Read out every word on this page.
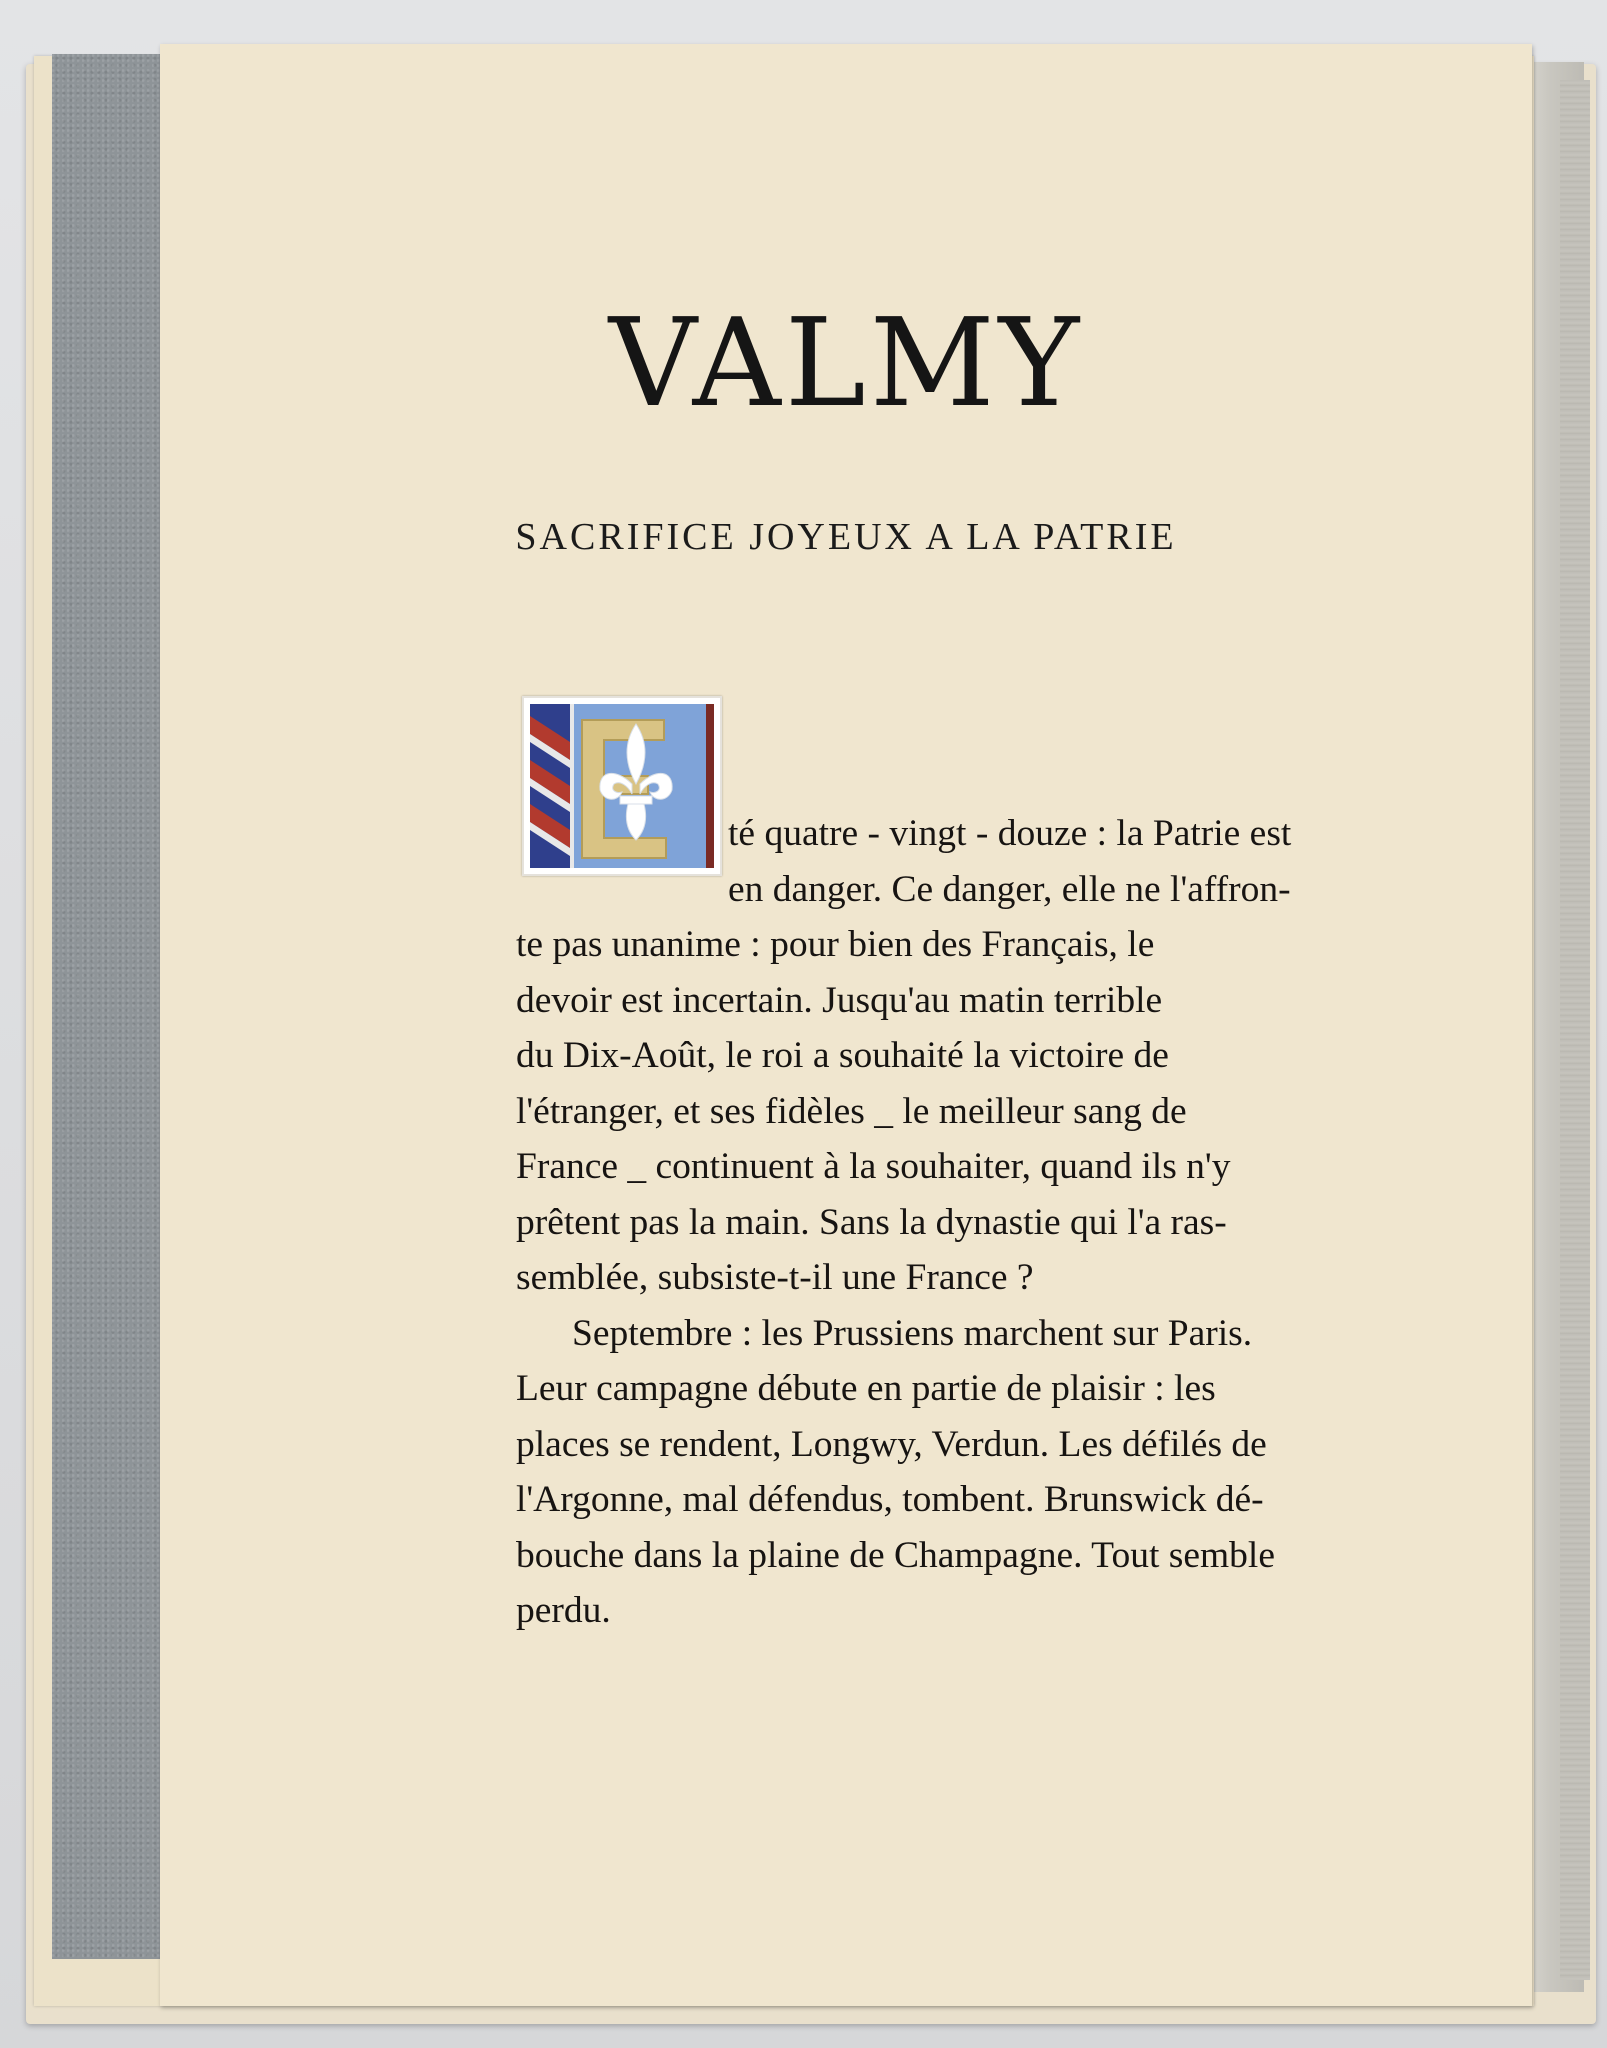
VALMY
SACRIFICE JOYEUX A LA PATRIE
té quatre - vingt - douze : la Patrie est
en danger. Ce danger, elle ne l'affron-
te pas unanime : pour bien des Français, le
devoir est incertain. Jusqu'au matin terrible
du Dix-Août, le roi a souhaité la victoire de
l'étranger, et ses fidèles _ le meilleur sang de
France _ continuent à la souhaiter, quand ils n'y
prêtent pas la main. Sans la dynastie qui l'a ras-
semblée, subsiste-t-il une France ?
Septembre : les Prussiens marchent sur Paris.
Leur campagne débute en partie de plaisir : les
places se rendent, Longwy, Verdun. Les défilés de
l'Argonne, mal défendus, tombent. Brunswick dé-
bouche dans la plaine de Champagne. Tout semble
perdu.
